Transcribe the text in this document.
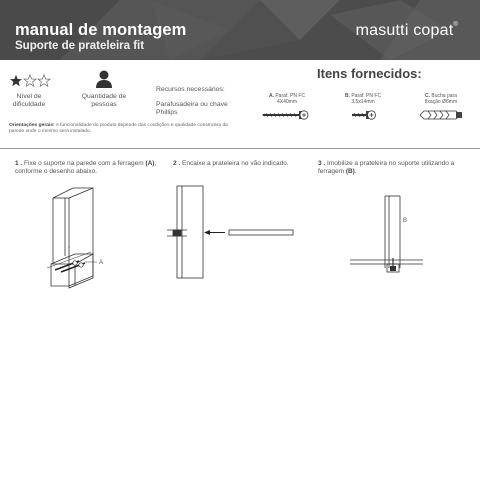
manual de montagem
Suporte de prateleira fit
masutti copat®
Nível de
dificuldade
Quantidade de
pessoas
Recursos necessários:
Parafusadeira ou chave
Phillips
Itens fornecidos:
A. Paraf. PN FC
4X40mm
B. Paraf. PN FC
3,5x14mm
C. Bucha para
fixação Ø6mm
Orientações gerais: A funcionalidade do produto depende das condições e qualidade construtiva da parede onde o mesmo será instalado.
1 . Fixe o suporte na parede com a ferragem (A),
conforme o desenho abaixo.
A
2 . Encaixe a prateleira no vão indicado.	3 . Imobilize a prateleira no suporte utilizando a
ferragem (B).
B
